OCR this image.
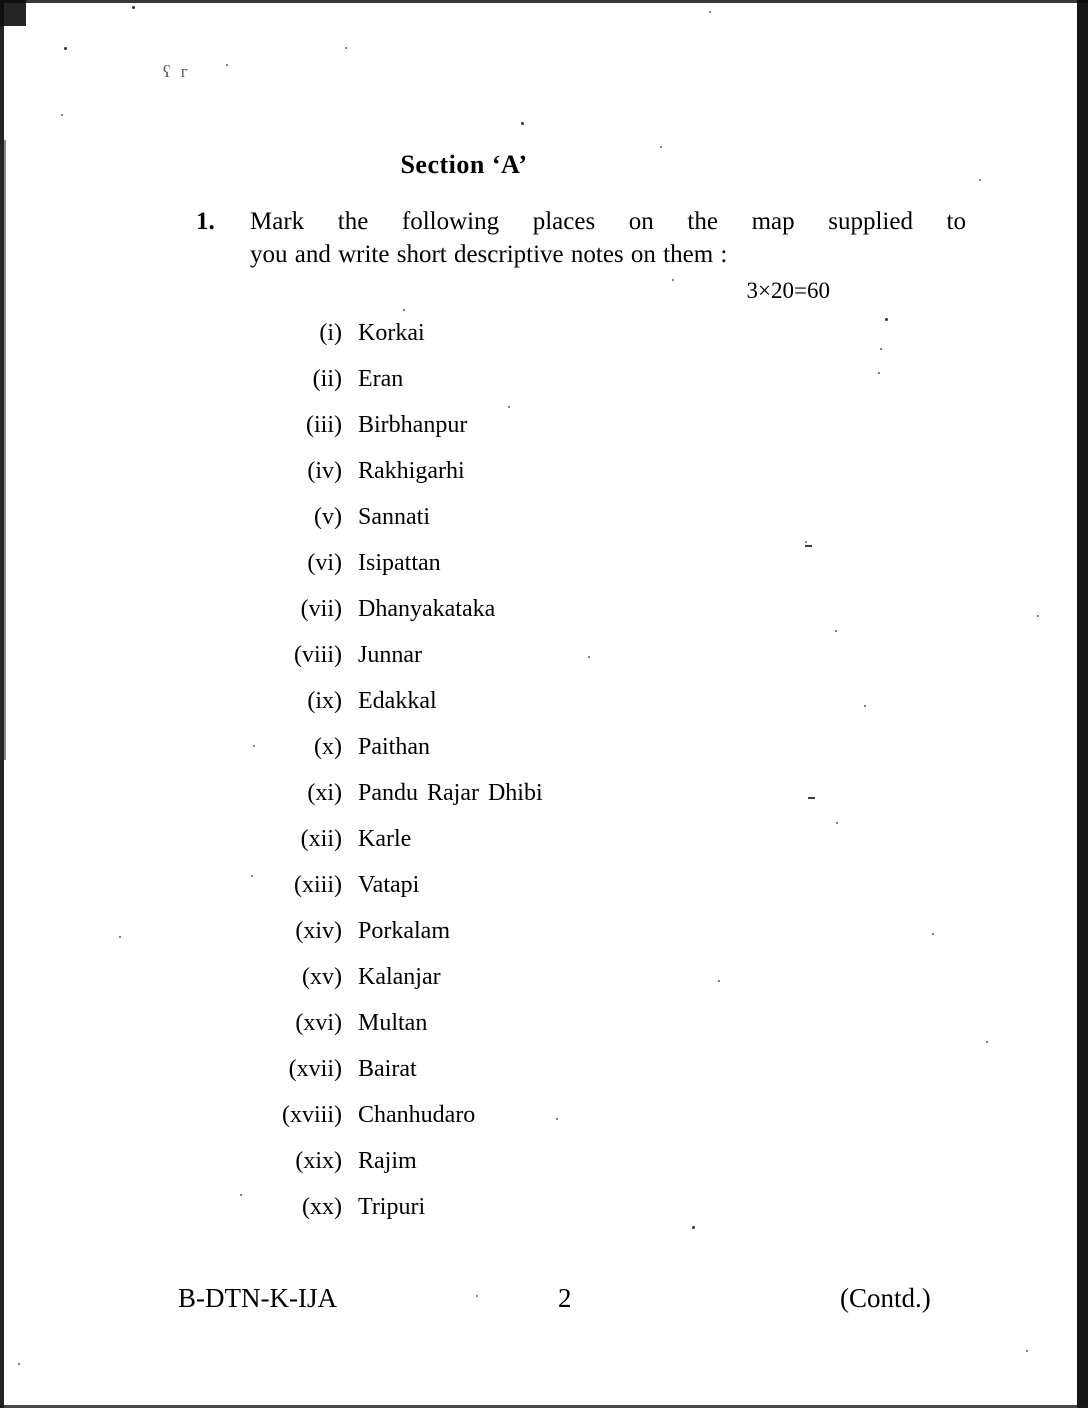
ʕ г
Section ‘A’
1.	Mark the following places on the map supplied to
you and write short descriptive notes on them :
3×20=60
(i) Korkai
(ii) Eran
(iii) Birbhanpur
(iv) Rakhigarhi
(v) Sannati
(vi) Isipattan
(vii) Dhanyakataka
(viii) Junnar
(ix) Edakkal
(x) Paithan
(xi) Pandu Rajar Dhibi
(xii) Karle
(xiii) Vatapi
(xiv) Porkalam
(xv) Kalanjar
(xvi) Multan
(xvii) Bairat
(xviii) Chanhudaro
(xix) Rajim
(xx) Tripuri
B-DTN-K-IJA	2	(Contd.)
